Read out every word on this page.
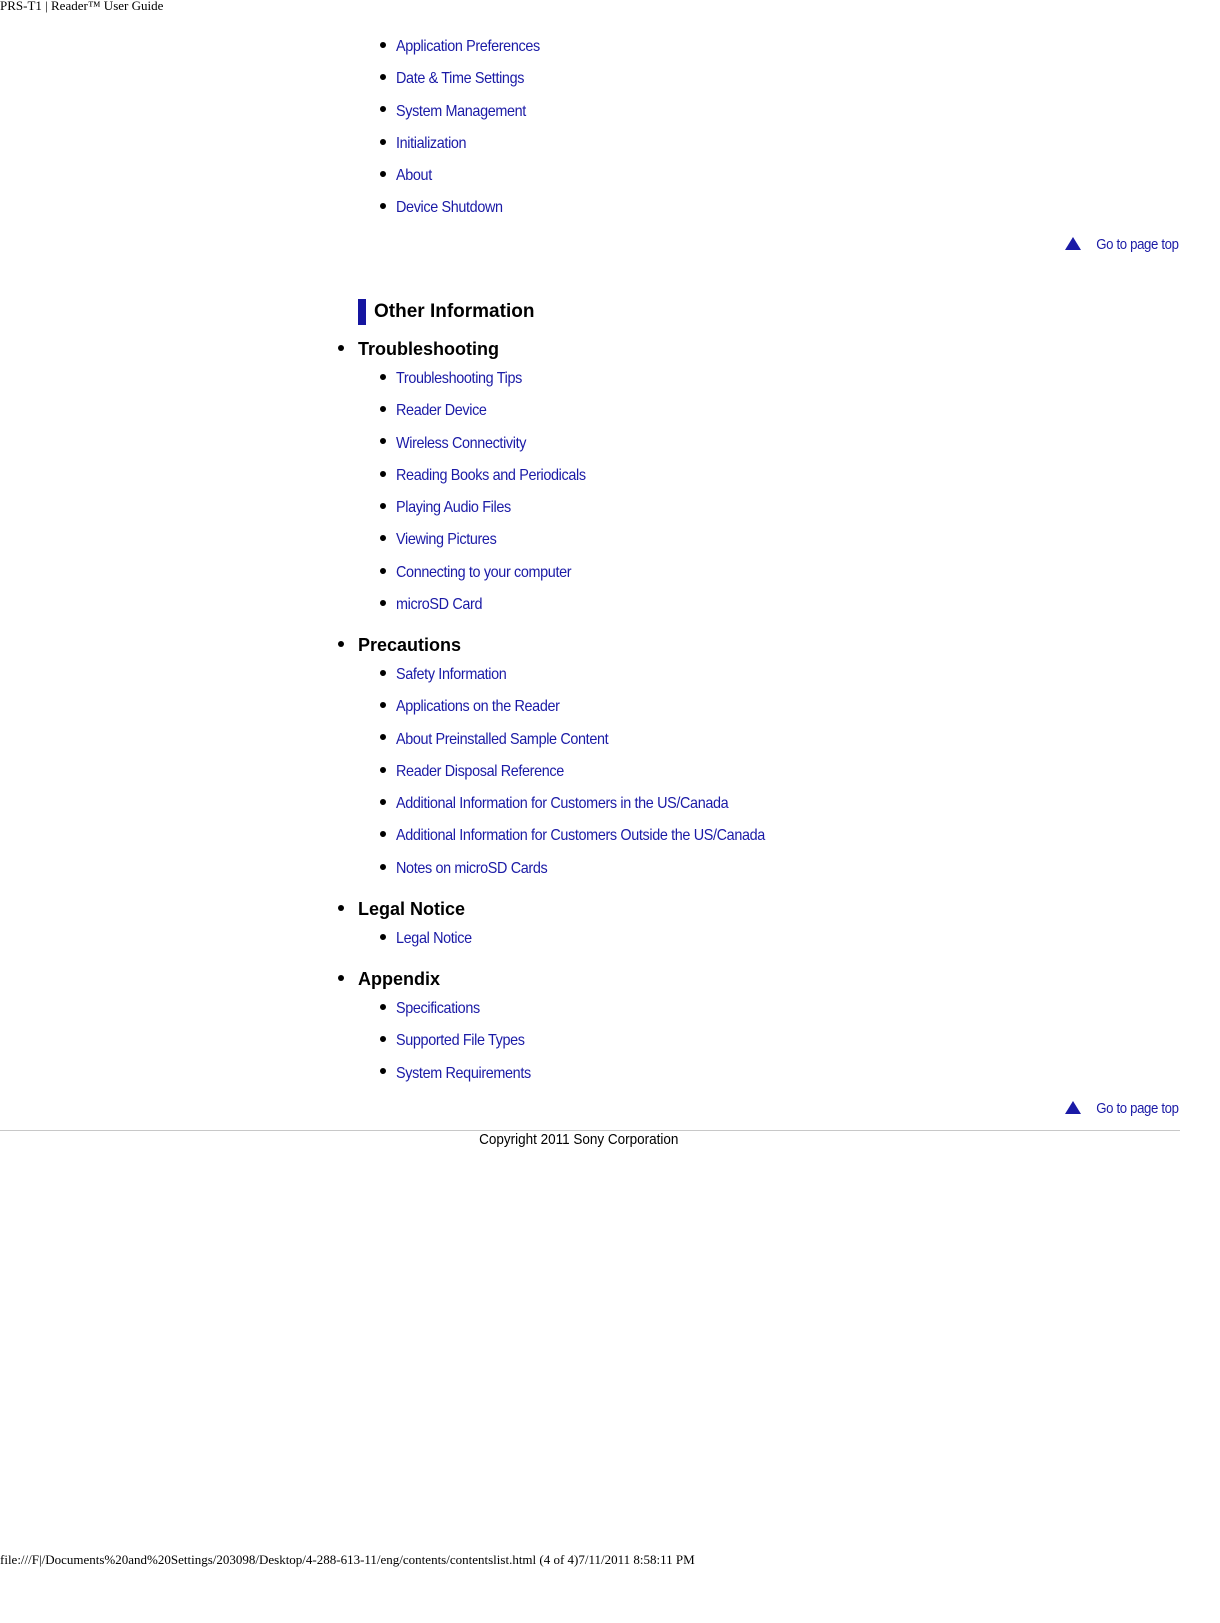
PRS-T1 | Reader™ User Guide
Application Preferences
Date & Time Settings
System Management
Initialization
About
Device Shutdown
Go to page top
Other Information
Troubleshooting
Troubleshooting Tips
Reader Device
Wireless Connectivity
Reading Books and Periodicals
Playing Audio Files
Viewing Pictures
Connecting to your computer
microSD Card
Precautions
Safety Information
Applications on the Reader
About Preinstalled Sample Content
Reader Disposal Reference
Additional Information for Customers in the US/Canada
Additional Information for Customers Outside the US/Canada
Notes on microSD Cards
Legal Notice
Legal Notice
Appendix
Specifications
Supported File Types
System Requirements
Go to page top
Copyright 2011 Sony Corporation
file:///F|/Documents%20and%20Settings/203098/Desktop/4-288-613-11/eng/contents/contentslist.html (4 of 4)7/11/2011 8:58:11 PM
